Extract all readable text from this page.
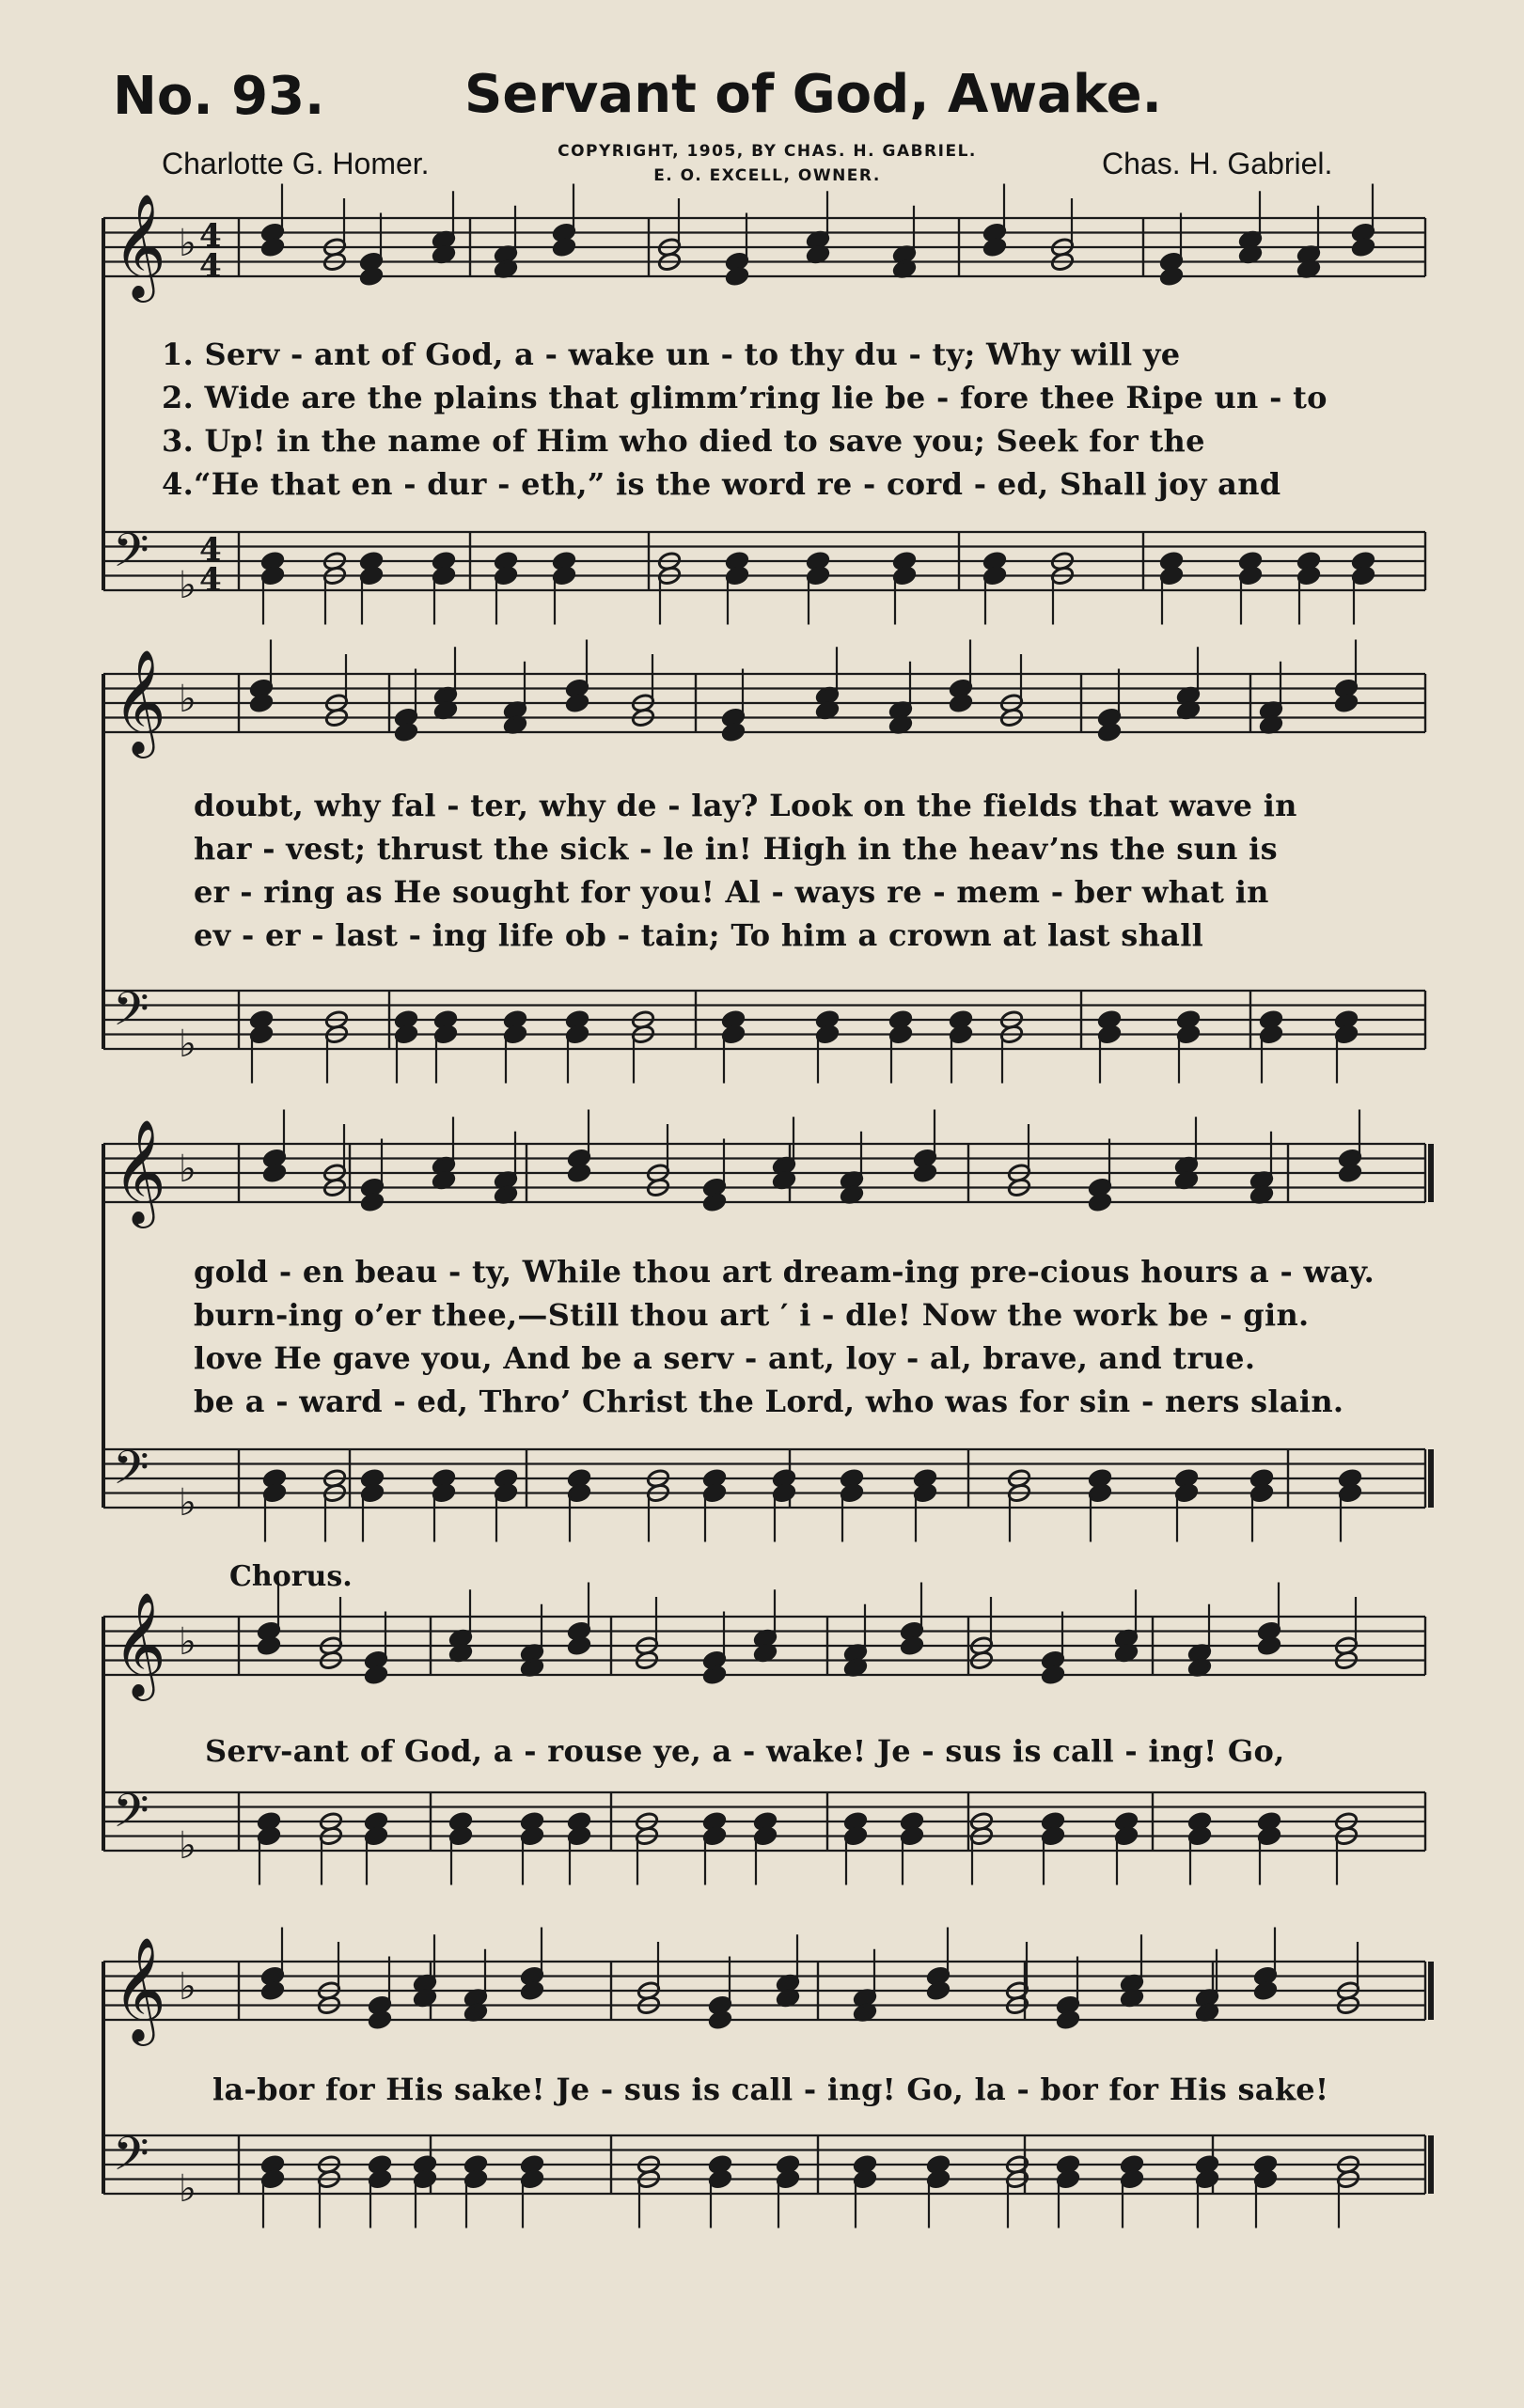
No. 93.	Servant of God, Awake.
Charlotte G. Homer.	COPYRIGHT, 1905, BY CHAS. H. GABRIEL.
E. O. EXCELL, OWNER.	Chas. H. Gabriel.
𝄞 ♭ 4
4
𝄢 ♭
4
4
𝄞 ♭
𝄢 ♭
𝄞 ♭
𝄢 ♭
𝄞 ♭
𝄢 ♭
𝄞 ♭
𝄢 ♭
1. Serv - ant of God, a - wake un - to thy du - ty; Why will ye
2. Wide are the plains that glimm’ring lie be - fore thee Ripe un - to
3. Up! in the name of Him who died to save you; Seek for the
4.“He that en - dur - eth,” is the word re - cord - ed, Shall joy and
doubt, why fal - ter, why de - lay? Look on the fields that wave in
har - vest; thrust the sick - le in! High in the heav’ns the sun is
er - ring as He sought for you! Al - ways re - mem - ber what in
ev - er - last - ing life ob - tain; To him a crown at last shall
gold - en beau - ty, While thou art dream-ing pre-cious hours a - way.
burn-ing o’er thee,—Still thou art ′ i - dle! Now the work be - gin.
love He gave you, And be a serv - ant, loy - al, brave, and true.
be a - ward - ed, Thro’ Christ the Lord, who was for sin - ners slain.
Chorus.
Serv-ant of God, a - rouse ye, a - wake! Je - sus is call - ing! Go,
la-bor for His sake! Je - sus is call - ing! Go, la - bor for His sake!
